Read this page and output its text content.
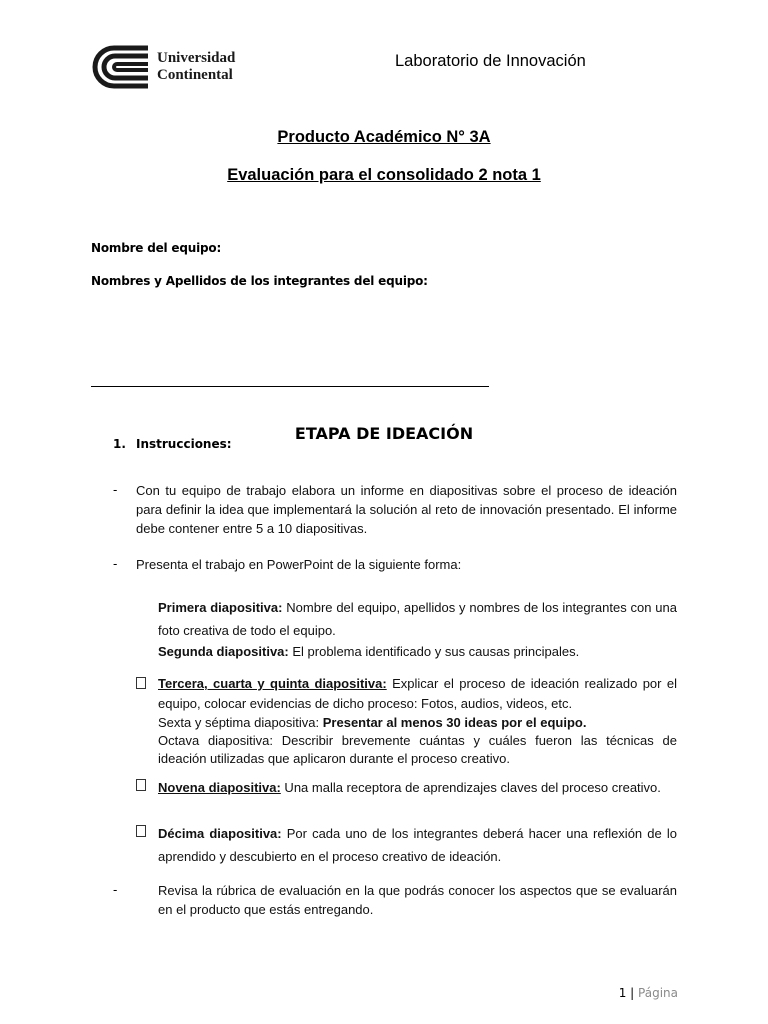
Universidad
Continental
Laboratorio de Innovación
Producto Académico N° 3A
Evaluación para el consolidado 2 nota 1
Nombre del equipo:
Nombres y Apellidos de los integrantes del equipo:
ETAPA DE IDEACIÓN
1. Instrucciones:
- Con tu equipo de trabajo elabora un informe en diapositivas sobre el proceso de ideación para definir la idea que implementará la solución al reto de innovación presentado. El informe debe contener entre 5 a 10 diapositivas.
- Presenta el trabajo en PowerPoint de la siguiente forma:
Primera diapositiva: Nombre del equipo, apellidos y nombres de los integrantes con una foto creativa de todo el equipo.
Segunda diapositiva: El problema identificado y sus causas principales.
Tercera, cuarta y quinta diapositiva: Explicar el proceso de ideación realizado por el equipo, colocar evidencias de dicho proceso: Fotos, audios, videos, etc.
Sexta y séptima diapositiva: Presentar al menos 30 ideas por el equipo.
Octava diapositiva: Describir brevemente cuántas y cuáles fueron las técnicas de ideación utilizadas que aplicaron durante el proceso creativo.
Novena diapositiva: Una malla receptora de aprendizajes claves del proceso creativo.
Décima diapositiva: Por cada uno de los integrantes deberá hacer una reflexión de lo aprendido y descubierto en el proceso creativo de ideación.
-	Revisa la rúbrica de evaluación en la que podrás conocer los aspectos que se evaluarán en el producto que estás entregando.
1 | Página
